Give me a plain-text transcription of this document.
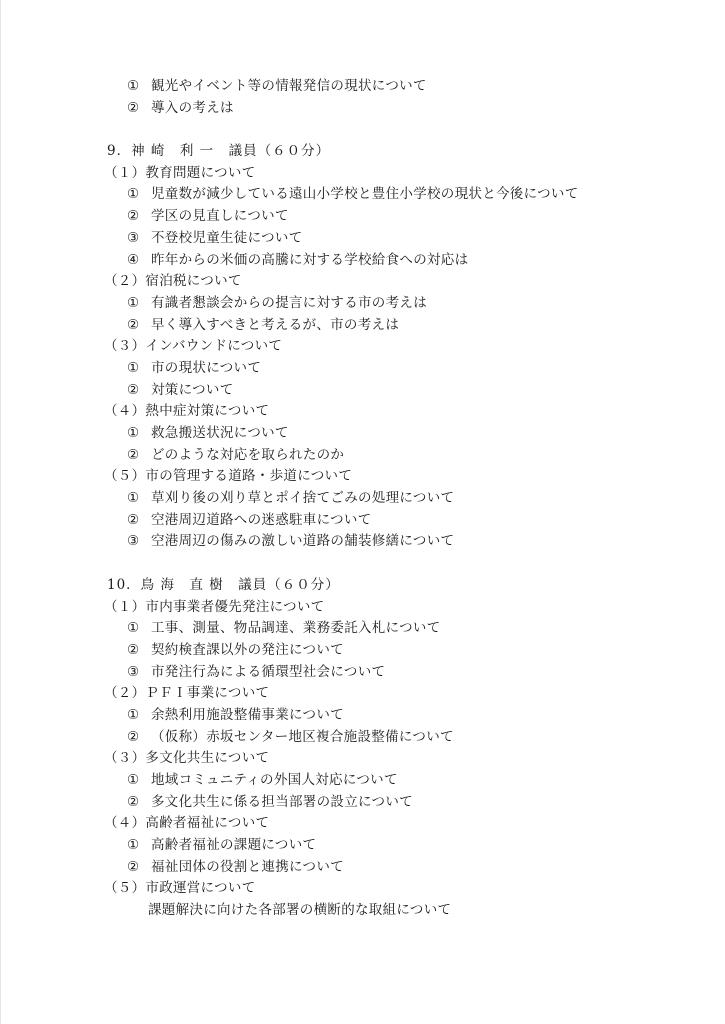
① 観光やイベント等の情報発信の現状について
② 導入の考えは
9．神 崎　利 一　議員（６０分）
（１）教育問題について
① 児童数が減少している遠山小学校と豊住小学校の現状と今後について
② 学区の見直しについて
③ 不登校児童生徒について
④ 昨年からの米価の高騰に対する学校給食への対応は
（２）宿泊税について
① 有識者懇談会からの提言に対する市の考えは
② 早く導入すべきと考えるが、市の考えは
（３）インバウンドについて
① 市の現状について
② 対策について
（４）熱中症対策について
① 救急搬送状況について
② どのような対応を取られたのか
（５）市の管理する道路・歩道について
① 草刈り後の刈り草とポイ捨てごみの処理について
② 空港周辺道路への迷惑駐車について
③ 空港周辺の傷みの激しい道路の舗装修繕について
10．鳥 海　直 樹　議員（６０分）
（１）市内事業者優先発注について
① 工事、測量、物品調達、業務委託入札について
② 契約検査課以外の発注について
③ 市発注行為による循環型社会について
（２）ＰＦＩ事業について
① 余熱利用施設整備事業について
② （仮称）赤坂センター地区複合施設整備について
（３）多文化共生について
① 地域コミュニティの外国人対応について
② 多文化共生に係る担当部署の設立について
（４）高齢者福祉について
① 高齢者福祉の課題について
② 福祉団体の役割と連携について
（５）市政運営について
課題解決に向けた各部署の横断的な取組について
